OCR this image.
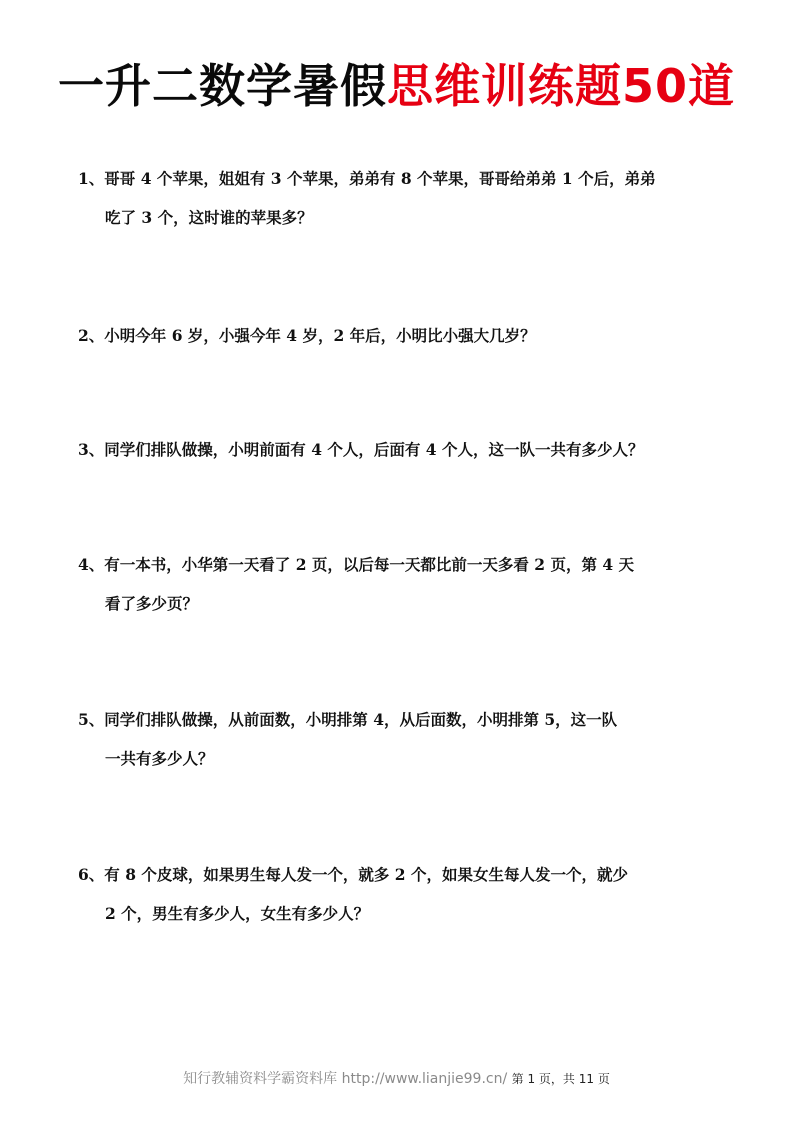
一升二数学暑假思维训练题50道
1、哥哥 4 个苹果，姐姐有 3 个苹果，弟弟有 8 个苹果，哥哥给弟弟 1 个后，弟弟
吃了 3 个，这时谁的苹果多？
2、小明今年 6 岁，小强今年 4 岁，2 年后，小明比小强大几岁？
3、同学们排队做操，小明前面有 4 个人，后面有 4 个人，这一队一共有多少人？
4、有一本书，小华第一天看了 2 页，以后每一天都比前一天多看 2 页，第 4 天
看了多少页？
5、同学们排队做操，从前面数，小明排第 4，从后面数，小明排第 5，这一队
一共有多少人？
6、有 8 个皮球，如果男生每人发一个，就多 2 个，如果女生每人发一个，就少
2 个，男生有多少人，女生有多少人？
知行教辅资料学霸资料库 http://www.lianjie99.cn/ 第 1 页，共 11 页
